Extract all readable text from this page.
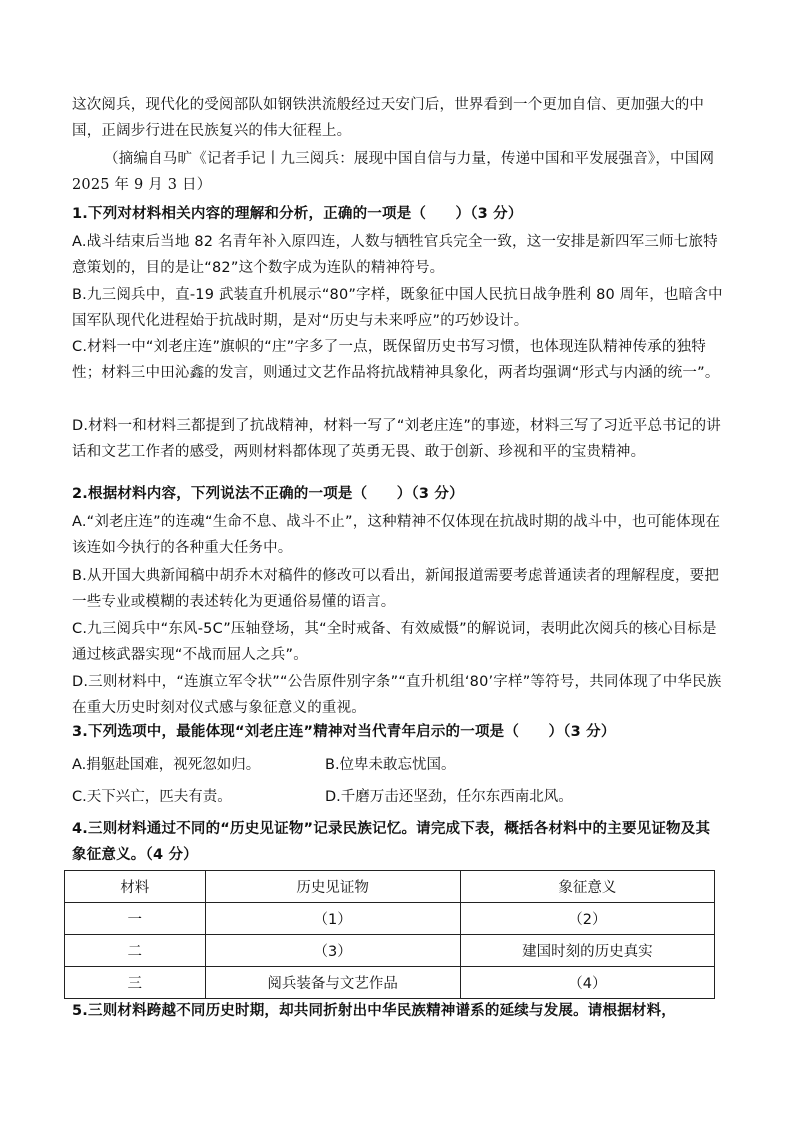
这次阅兵，现代化的受阅部队如钢铁洪流般经过天安门后，世界看到一个更加自信、更加强大的中国，正阔步行进在民族复兴的伟大征程上。

（摘编自马旷《记者手记丨九三阅兵：展现中国自信与力量，传递中国和平发展强音》，中国网 2025 年 9 月 3 日）

1.下列对材料相关内容的理解和分析，正确的一项是（　　）（3 分）

A.战斗结束后当地 82 名青年补入原四连，人数与牺牲官兵完全一致，这一安排是新四军三师七旅特意策划的，目的是让“82”这个数字成为连队的精神符号。

B.九三阅兵中，直-19 武装直升机展示“80”字样，既象征中国人民抗日战争胜利 80 周年，也暗含中国军队现代化进程始于抗战时期，是对“历史与未来呼应”的巧妙设计。

C.材料一中“刘老庄连”旗帜的“庄”字多了一点，既保留历史书写习惯，也体现连队精神传承的独特性；材料三中田沁鑫的发言，则通过文艺作品将抗战精神具象化，两者均强调“形式与内涵的统一”。

D.材料一和材料三都提到了抗战精神，材料一写了“刘老庄连”的事迹，材料三写了习近平总书记的讲话和文艺工作者的感受，两则材料都体现了英勇无畏、敢于创新、珍视和平的宝贵精神。

2.根据材料内容，下列说法不正确的一项是（　　）（3 分）

A.“刘老庄连”的连魂“生命不息、战斗不止”，这种精神不仅体现在抗战时期的战斗中，也可能体现在该连如今执行的各种重大任务中。

B.从开国大典新闻稿中胡乔木对稿件的修改可以看出，新闻报道需要考虑普通读者的理解程度，要把一些专业或模糊的表述转化为更通俗易懂的语言。

C.九三阅兵中“东风-5C”压轴登场，其“全时戒备、有效威慑”的解说词，表明此次阅兵的核心目标是通过核武器实现“不战而屈人之兵”。

D.三则材料中，“连旗立军令状”“公告原件别字条”“直升机组‘80’字样”等符号，共同体现了中华民族在重大历史时刻对仪式感与象征意义的重视。

3.下列选项中，最能体现“刘老庄连”精神对当代青年启示的一项是（　　）（3 分）

A.捐躯赴国难，视死忽如归。	B.位卑未敢忘忧国。
C.天下兴亡，匹夫有责。	D.千磨万击还坚劲，任尔东西南北风。

4.三则材料通过不同的“历史见证物”记录民族记忆。请完成下表，概括各材料中的主要见证物及其象征意义。（4 分）

材料	历史见证物	象征意义
一	（1）	（2）
二	（3）	建国时刻的历史真实
三	阅兵装备与文艺作品	（4）

5.三则材料跨越不同历史时期，却共同折射出中华民族精神谱系的延续与发展。请根据材料，
